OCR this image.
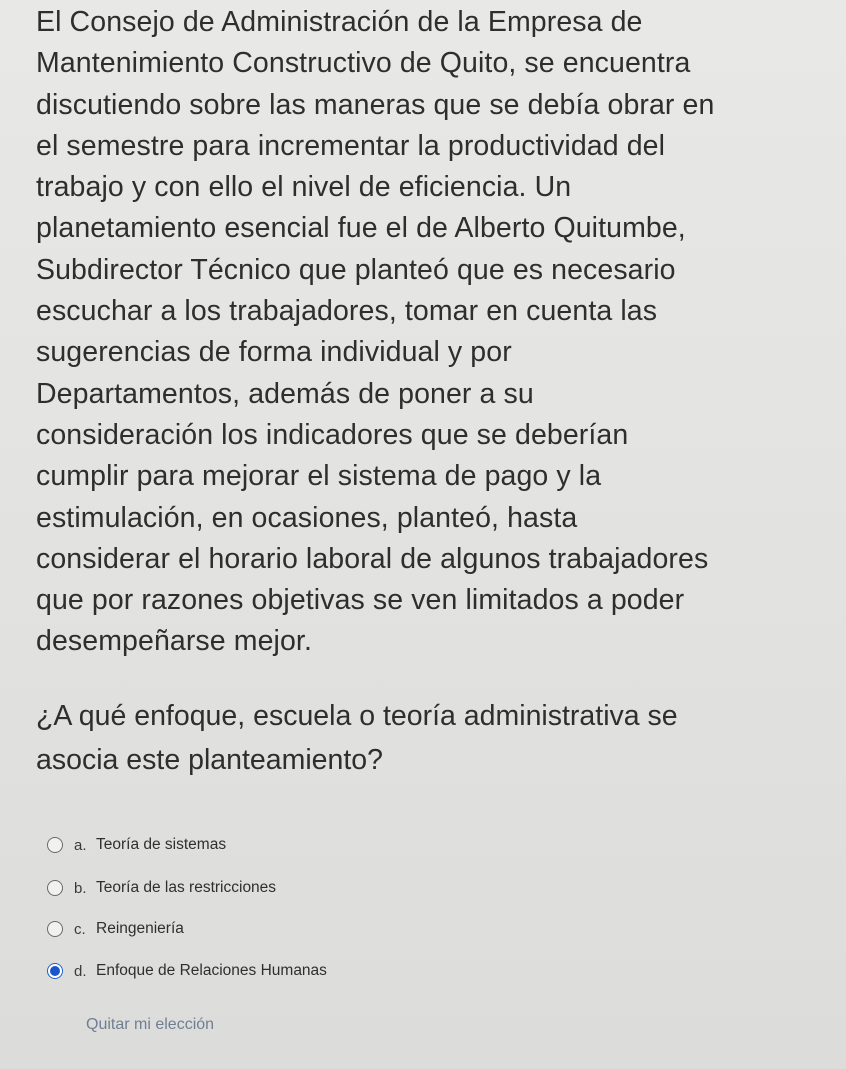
El Consejo de Administración de la Empresa de
Mantenimiento Constructivo de Quito, se encuentra
discutiendo sobre las maneras que se debía obrar en
el semestre para incrementar la productividad del
trabajo y con ello el nivel de eficiencia. Un
planetamiento esencial fue el de Alberto Quitumbe,
Subdirector Técnico que planteó que es necesario
escuchar a los trabajadores, tomar en cuenta las
sugerencias de forma individual y por
Departamentos, además de poner a su
consideración los indicadores que se deberían
cumplir para mejorar el sistema de pago y la
estimulación, en ocasiones, planteó, hasta
considerar el horario laboral de algunos trabajadores
que por razones objetivas se ven limitados a poder
desempeñarse mejor.
¿A qué enfoque, escuela o teoría administrativa se
asocia este planteamiento?
a. Teoría de sistemas
b. Teoría de las restricciones
c. Reingeniería
d. Enfoque de Relaciones Humanas
Quitar mi elección
